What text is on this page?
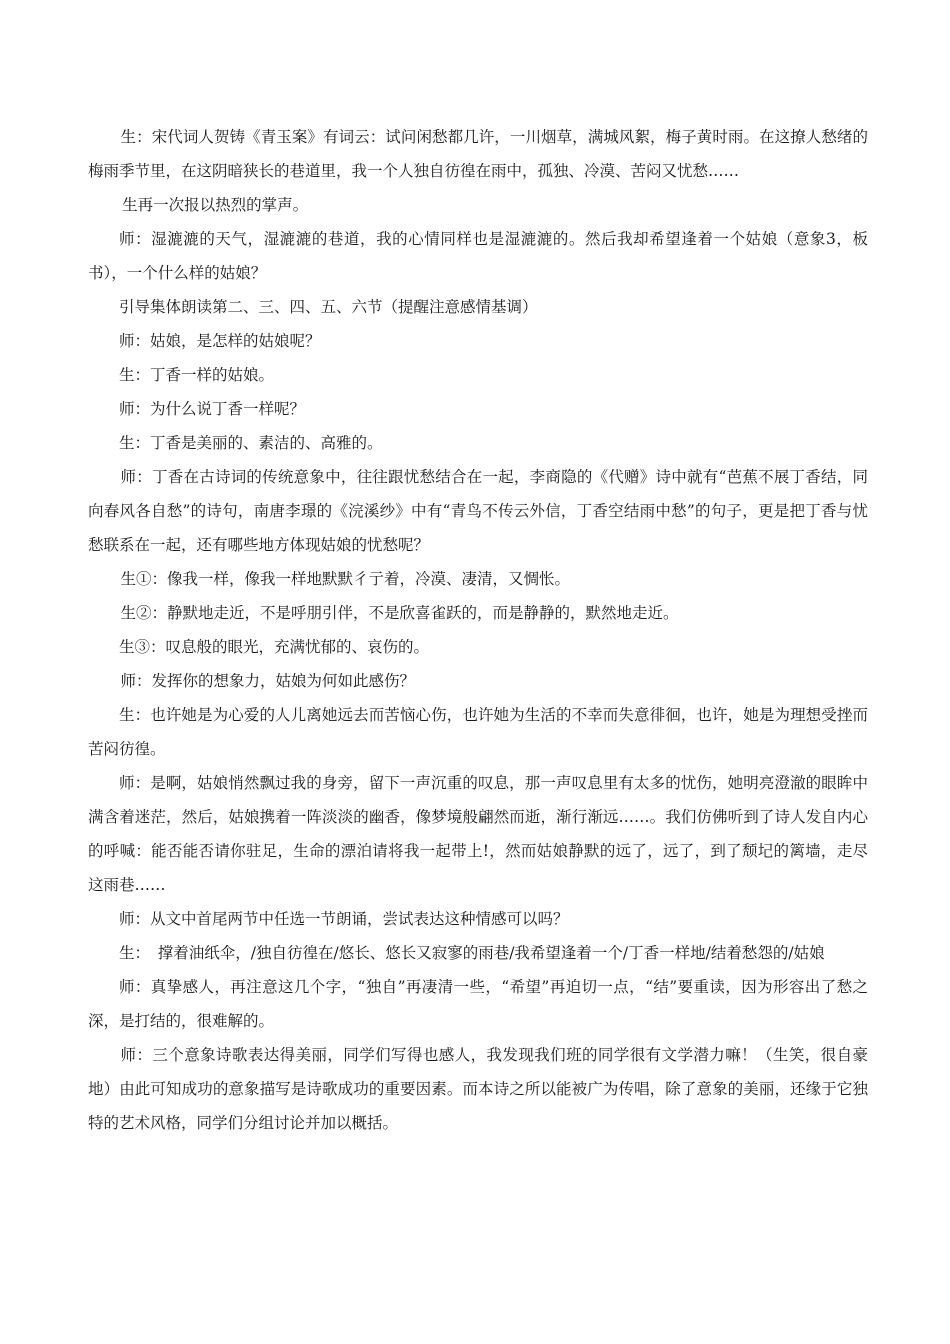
生：宋代词人贺铸《青玉案》有词云：试问闲愁都几许，一川烟草，满城风絮，梅子黄时雨。在这撩人愁绪的梅雨季节里，在这阴暗狭长的巷道里，我一个人独自彷徨在雨中，孤独、冷漠、苦闷又忧愁……

生再一次报以热烈的掌声。

师：湿漉漉的天气，湿漉漉的巷道，我的心情同样也是湿漉漉的。然后我却希望逢着一个姑娘（意象3，板书），一个什么样的姑娘？

引导集体朗读第二、三、四、五、六节（提醒注意感情基调）

师：姑娘，是怎样的姑娘呢？

生：丁香一样的姑娘。

师：为什么说丁香一样呢？

生：丁香是美丽的、素洁的、高雅的。

师：丁香在古诗词的传统意象中，往往跟忧愁结合在一起，李商隐的《代赠》诗中就有“芭蕉不展丁香结，同向春风各自愁”的诗句，南唐李璟的《浣溪纱》中有“青鸟不传云外信，丁香空结雨中愁”的句子，更是把丁香与忧愁联系在一起，还有哪些地方体现姑娘的忧愁呢？

生①：像我一样，像我一样地默默彳亍着，冷漠、凄清，又惆怅。

生②：静默地走近，不是呼朋引伴，不是欣喜雀跃的，而是静静的，默然地走近。

生③：叹息般的眼光，充满忧郁的、哀伤的。

师：发挥你的想象力，姑娘为何如此感伤？

生：也许她是为心爱的人儿离她远去而苦恼心伤，也许她为生活的不幸而失意徘徊，也许，她是为理想受挫而苦闷彷徨。

师：是啊，姑娘悄然飘过我的身旁，留下一声沉重的叹息，那一声叹息里有太多的忧伤，她明亮澄澈的眼眸中满含着迷茫，然后，姑娘携着一阵淡淡的幽香，像梦境般翩然而逝，渐行渐远……。我们仿佛听到了诗人发自内心的呼喊：能否能否请你驻足，生命的漂泊请将我一起带上!，然而姑娘静默的远了，远了，到了颓圮的篱墙，走尽这雨巷……

师：从文中首尾两节中任选一节朗诵，尝试表达这种情感可以吗？

生：　撑着油纸伞，/独自彷徨在/悠长、悠长又寂寥的雨巷/我希望逢着一个/丁香一样地/结着愁怨的/姑娘

师：真挚感人，再注意这几个字，“独自”再凄清一些，“希望”再迫切一点，“结”要重读，因为形容出了愁之深，是打结的，很难解的。

师：三个意象诗歌表达得美丽，同学们写得也感人，我发现我们班的同学很有文学潜力嘛！（生笑，很自豪地）由此可知成功的意象描写是诗歌成功的重要因素。而本诗之所以能被广为传唱，除了意象的美丽，还缘于它独特的艺术风格，同学们分组讨论并加以概括。
